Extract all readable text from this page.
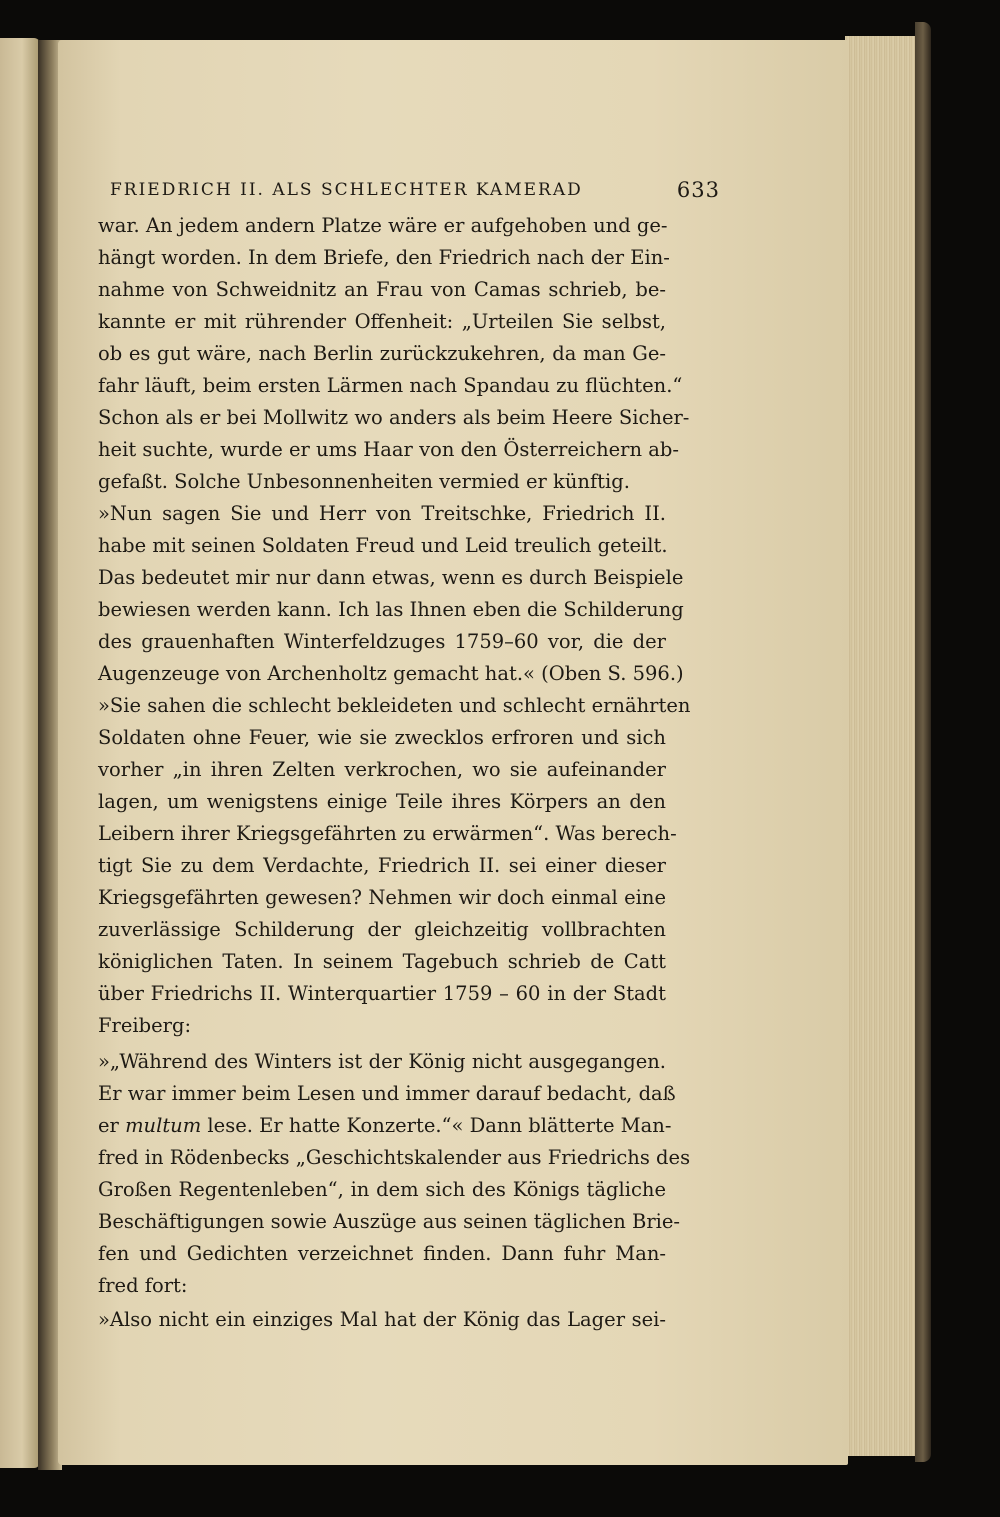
FRIEDRICH II. ALS SCHLECHTER KAMERAD	633
war. An jedem andern Platze wäre er aufgehoben und ge-
hängt worden. In dem Briefe, den Friedrich nach der Ein-
nahme von Schweidnitz an Frau von Camas schrieb, be-
kannte er mit rührender Offenheit: „Urteilen Sie selbst,
ob es gut wäre, nach Berlin zurückzukehren, da man Ge-
fahr läuft, beim ersten Lärmen nach Spandau zu flüchten.“
Schon als er bei Mollwitz wo anders als beim Heere Sicher-
heit suchte, wurde er ums Haar von den Österreichern ab-
gefaßt. Solche Unbesonnenheiten vermied er künftig.
»Nun sagen Sie und Herr von Treitschke, Friedrich II.
habe mit seinen Soldaten Freud und Leid treulich geteilt.
Das bedeutet mir nur dann etwas, wenn es durch Beispiele
bewiesen werden kann. Ich las Ihnen eben die Schilderung
des grauenhaften Winterfeldzuges 1759–60 vor, die der
Augenzeuge von Archenholtz gemacht hat.« (Oben S. 596.)
»Sie sahen die schlecht bekleideten und schlecht ernährten
Soldaten ohne Feuer, wie sie zwecklos erfroren und sich
vorher „in ihren Zelten verkrochen, wo sie aufeinander
lagen, um wenigstens einige Teile ihres Körpers an den
Leibern ihrer Kriegsgefährten zu erwärmen“. Was berech-
tigt Sie zu dem Verdachte, Friedrich II. sei einer dieser
Kriegsgefährten gewesen? Nehmen wir doch einmal eine
zuverlässige Schilderung der gleichzeitig vollbrachten
königlichen Taten. In seinem Tagebuch schrieb de Catt
über Friedrichs II. Winterquartier 1759 – 60 in der Stadt
Freiberg:
»„Während des Winters ist der König nicht ausgegangen.
Er war immer beim Lesen und immer darauf bedacht, daß
er multum lese. Er hatte Konzerte.“« Dann blätterte Man-
fred in Rödenbecks „Geschichtskalender aus Friedrichs des
Großen Regentenleben“, in dem sich des Königs tägliche
Beschäftigungen sowie Auszüge aus seinen täglichen Brie-
fen und Gedichten verzeichnet finden. Dann fuhr Man-
fred fort:
»Also nicht ein einziges Mal hat der König das Lager sei-
